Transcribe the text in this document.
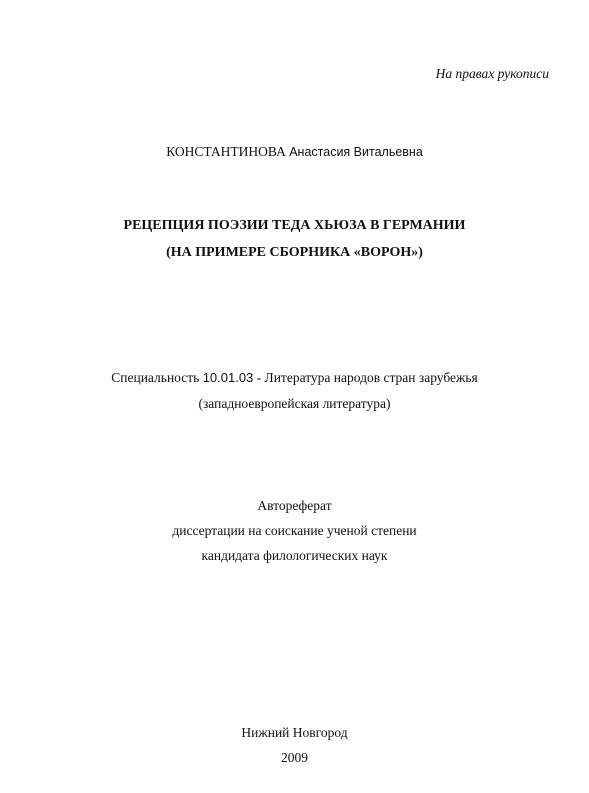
На правах рукописи
КОНСТАНТИНОВА Анастасия Витальевна
РЕЦЕПЦИЯ ПОЭЗИИ ТЕДА ХЬЮЗА В ГЕРМАНИИ
(НА ПРИМЕРЕ СБОРНИКА «ВОРОН»)
Специальность 10.01.03 - Литература народов стран зарубежья
(западноевропейская литература)
Автореферат
диссертации на соискание ученой степени
кандидата филологических наук
Нижний Новгород
2009
